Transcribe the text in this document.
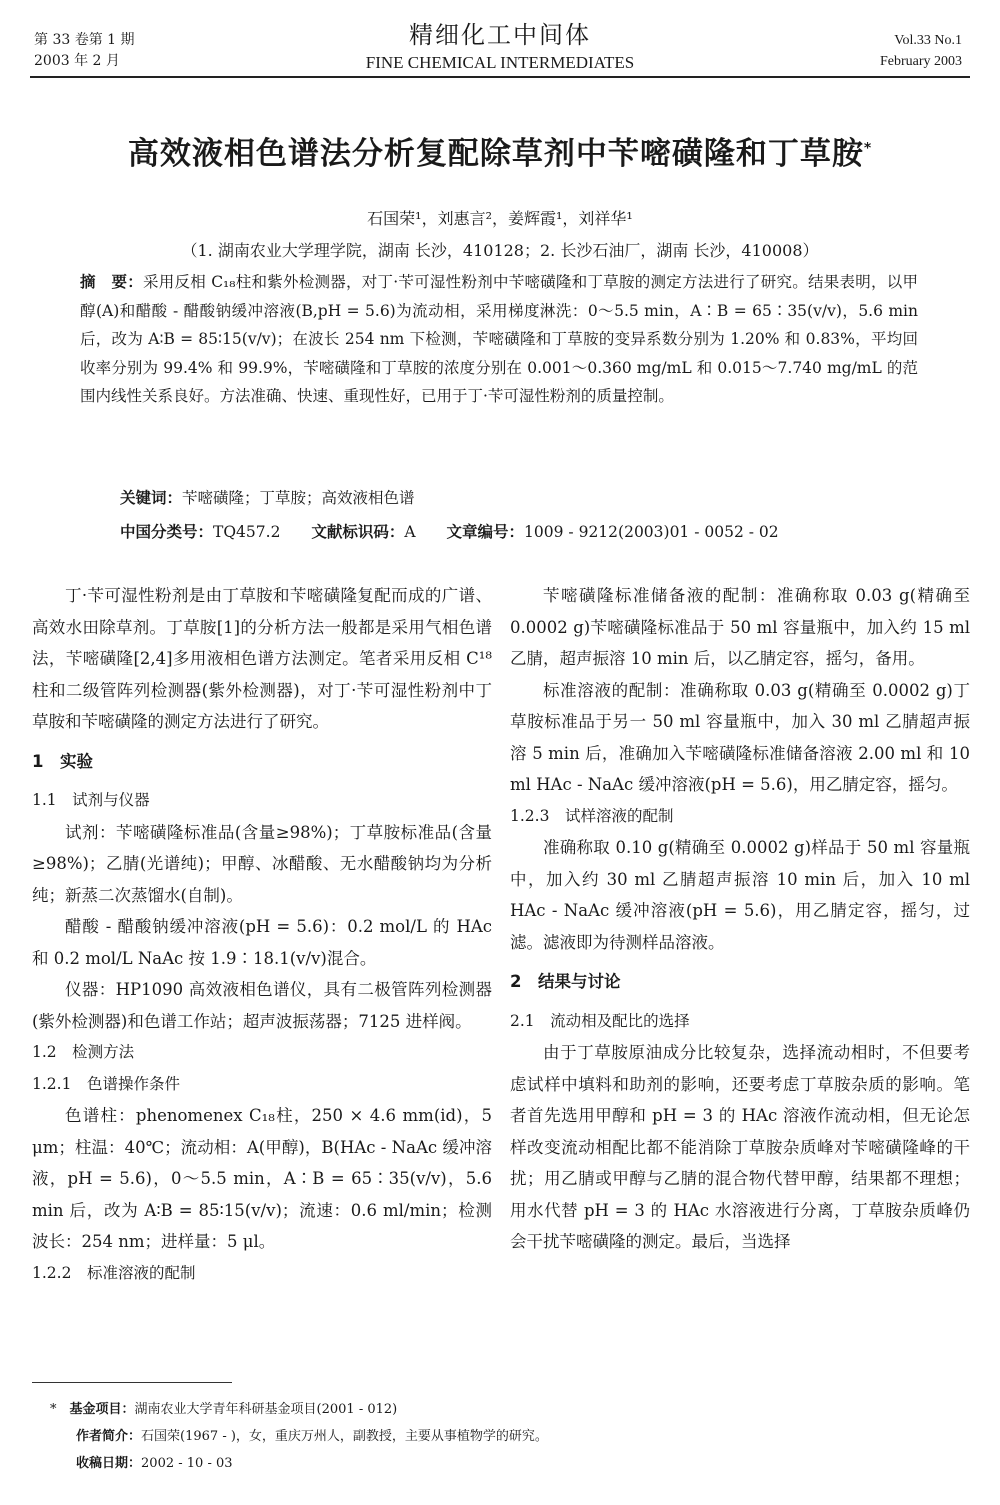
第 33 卷第 1 期
2003 年 2 月
精细化工中间体
FINE CHEMICAL INTERMEDIATES
Vol.33 No.1
February 2003
高效液相色谱法分析复配除草剂中苄嘧磺隆和丁草胺*
石国荣¹，刘惠言²，姜辉霞¹，刘祥华¹
（1. 湖南农业大学理学院，湖南 长沙，410128；2. 长沙石油厂，湖南 长沙，410008）
摘　要：采用反相 C₁₈柱和紫外检测器，对丁·苄可湿性粉剂中苄嘧磺隆和丁草胺的测定方法进行了研究。结果表明，以甲醇(A)和醋酸 - 醋酸钠缓冲溶液(B,pH = 5.6)为流动相，采用梯度淋洗：0～5.5 min，A∶B = 65∶35(v/v)，5.6 min 后，改为 A∶B = 85∶15(v/v)；在波长 254 nm 下检测，苄嘧磺隆和丁草胺的变异系数分别为 1.20% 和 0.83%，平均回收率分别为 99.4% 和 99.9%，苄嘧磺隆和丁草胺的浓度分别在 0.001～0.360 mg/mL 和 0.015～7.740 mg/mL 的范围内线性关系良好。方法准确、快速、重现性好，已用于丁·苄可湿性粉剂的质量控制。
关键词：苄嘧磺隆；丁草胺；高效液相色谱
中国分类号：TQ457.2 文献标识码：A 文章编号：1009 - 9212(2003)01 - 0052 - 02

丁·苄可湿性粉剂是由丁草胺和苄嘧磺隆复配而成的广谱、高效水田除草剂。丁草胺[1]的分析方法一般都是采用气相色谱法，苄嘧磺隆[2,4]多用液相色谱方法测定。笔者采用反相 C¹⁸柱和二级管阵列检测器(紫外检测器)，对丁·苄可湿性粉剂中丁草胺和苄嘧磺隆的测定方法进行了研究。

1　实验

1.1　试剂与仪器

试剂：苄嘧磺隆标准品(含量≥98%)；丁草胺标准品(含量≥98%)；乙腈(光谱纯)；甲醇、冰醋酸、无水醋酸钠均为分析纯；新蒸二次蒸馏水(自制)。

醋酸 - 醋酸钠缓冲溶液(pH = 5.6)：0.2 mol/L 的 HAc 和 0.2 mol/L NaAc 按 1.9∶18.1(v/v)混合。

仪器：HP1090 高效液相色谱仪，具有二极管阵列检测器(紫外检测器)和色谱工作站；超声波振荡器；7125 进样阀。

1.2　检测方法

1.2.1　色谱操作条件

色谱柱：phenomenex C₁₈柱，250 × 4.6 mm(id)，5 μm；柱温：40℃；流动相：A(甲醇)，B(HAc - NaAc 缓冲溶液，pH = 5.6)，0～5.5 min，A∶B = 65∶35(v/v)，5.6 min 后，改为 A∶B = 85∶15(v/v)；流速：0.6 ml/min；检测波长：254 nm；进样量：5 μl。

1.2.2　标准溶液的配制

苄嘧磺隆标准储备液的配制：准确称取 0.03 g(精确至 0.0002 g)苄嘧磺隆标准品于 50 ml 容量瓶中，加入约 15 ml 乙腈，超声振溶 10 min 后，以乙腈定容，摇匀，备用。

标准溶液的配制：准确称取 0.03 g(精确至 0.0002 g)丁草胺标准品于另一 50 ml 容量瓶中，加入 30 ml 乙腈超声振溶 5 min 后，准确加入苄嘧磺隆标准储备溶液 2.00 ml 和 10 ml HAc - NaAc 缓冲溶液(pH = 5.6)，用乙腈定容，摇匀。

1.2.3　试样溶液的配制

准确称取 0.10 g(精确至 0.0002 g)样品于 50 ml 容量瓶中，加入约 30 ml 乙腈超声振溶 10 min 后，加入 10 ml HAc - NaAc 缓冲溶液(pH = 5.6)，用乙腈定容，摇匀，过滤。滤液即为待测样品溶液。

2　结果与讨论

2.1　流动相及配比的选择

由于丁草胺原油成分比较复杂，选择流动相时，不但要考虑试样中填料和助剂的影响，还要考虑丁草胺杂质的影响。笔者首先选用甲醇和 pH = 3 的 HAc 溶液作流动相，但无论怎样改变流动相配比都不能消除丁草胺杂质峰对苄嘧磺隆峰的干扰；用乙腈或甲醇与乙腈的混合物代替甲醇，结果都不理想；用水代替 pH = 3 的 HAc 水溶液进行分离，丁草胺杂质峰仍会干扰苄嘧磺隆的测定。最后，当选择

*　 基金项目：湖南农业大学青年科研基金项目(2001 - 012)
　　作者简介：石国荣(1967 - )，女，重庆万州人，副教授，主要从事植物学的研究。
　　收稿日期：2002 - 10 - 03
